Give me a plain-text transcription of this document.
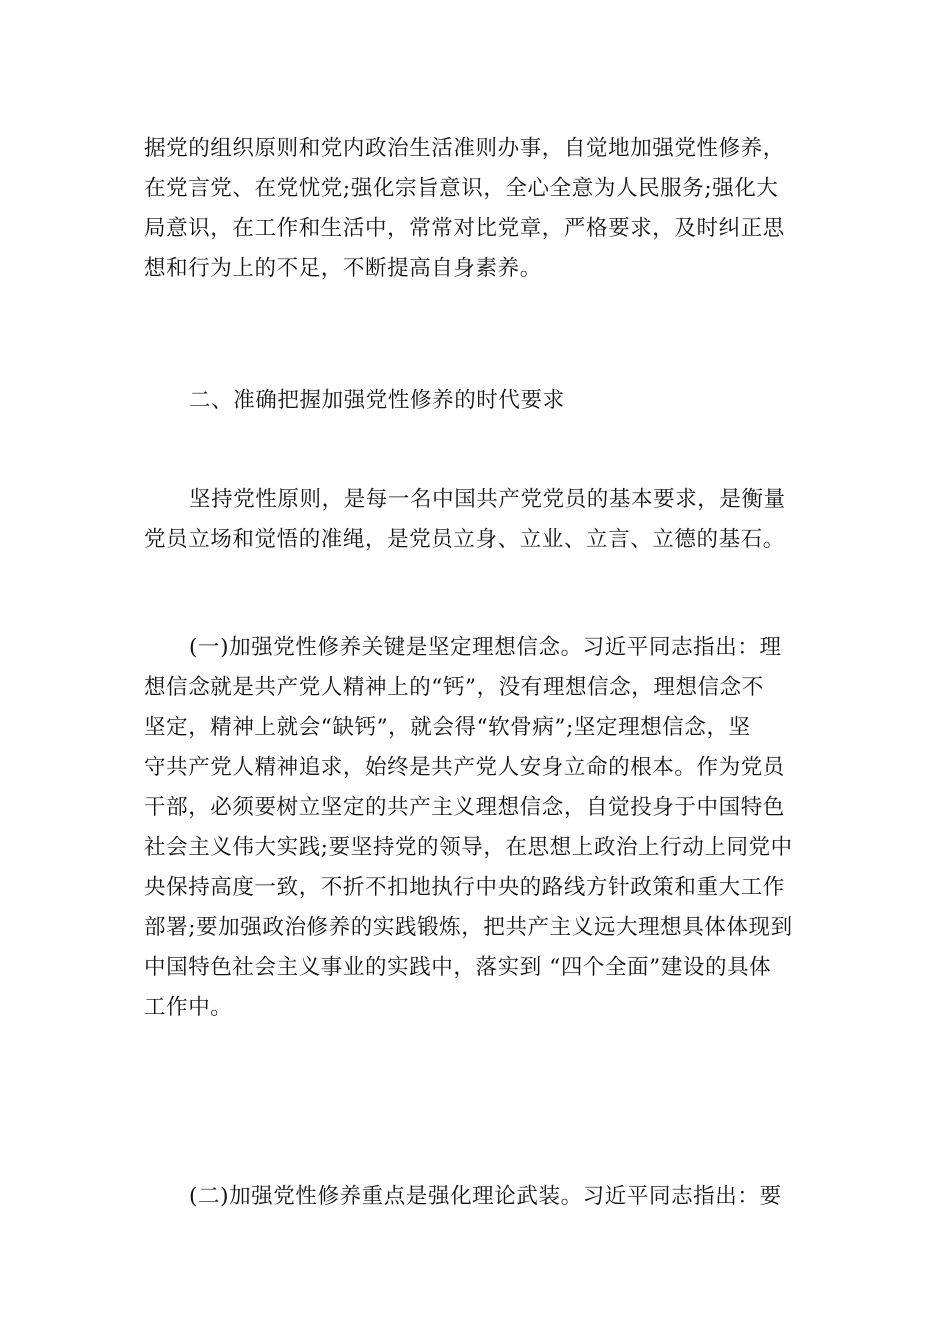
据党的组织原则和党内政治生活准则办事，自觉地加强党性修养，
在党言党、在党忧党;强化宗旨意识，全心全意为人民服务;强化大
局意识，在工作和生活中，常常对比党章，严格要求，及时纠正思
想和行为上的不足，不断提高自身素养。
二、准确把握加强党性修养的时代要求
坚持党性原则，是每一名中国共产党党员的基本要求，是衡量
党员立场和觉悟的准绳，是党员立身、立业、立言、立德的基石。
(一)加强党性修养关键是坚定理想信念。习近平同志指出：理
想信念就是共产党人精神上的“钙”，没有理想信念，理想信念不
坚定，精神上就会“缺钙”，就会得“软骨病”;坚定理想信念，坚
守共产党人精神追求，始终是共产党人安身立命的根本。作为党员
干部，必须要树立坚定的共产主义理想信念，自觉投身于中国特色
社会主义伟大实践;要坚持党的领导，在思想上政治上行动上同党中
央保持高度一致，不折不扣地执行中央的路线方针政策和重大工作
部署;要加强政治修养的实践锻炼，把共产主义远大理想具体体现到
中国特色社会主义事业的实践中，落实到 “四个全面”建设的具体
工作中。
(二)加强党性修养重点是强化理论武装。习近平同志指出：要
